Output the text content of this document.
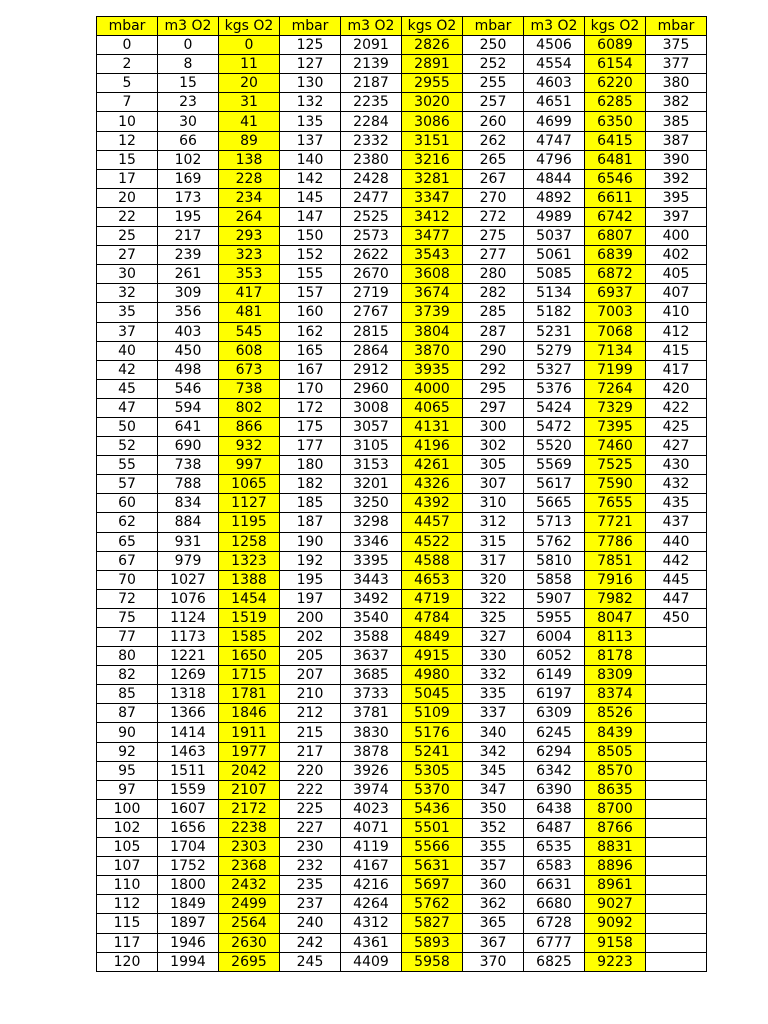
mbar	m3 O2	kgs O2	mbar	m3 O2	kgs O2	mbar	m3 O2	kgs O2	mbar
0	0	0	125	2091	2826	250	4506	6089	375
2	8	11	127	2139	2891	252	4554	6154	377
5	15	20	130	2187	2955	255	4603	6220	380
7	23	31	132	2235	3020	257	4651	6285	382
10	30	41	135	2284	3086	260	4699	6350	385
12	66	89	137	2332	3151	262	4747	6415	387
15	102	138	140	2380	3216	265	4796	6481	390
17	169	228	142	2428	3281	267	4844	6546	392
20	173	234	145	2477	3347	270	4892	6611	395
22	195	264	147	2525	3412	272	4989	6742	397
25	217	293	150	2573	3477	275	5037	6807	400
27	239	323	152	2622	3543	277	5061	6839	402
30	261	353	155	2670	3608	280	5085	6872	405
32	309	417	157	2719	3674	282	5134	6937	407
35	356	481	160	2767	3739	285	5182	7003	410
37	403	545	162	2815	3804	287	5231	7068	412
40	450	608	165	2864	3870	290	5279	7134	415
42	498	673	167	2912	3935	292	5327	7199	417
45	546	738	170	2960	4000	295	5376	7264	420
47	594	802	172	3008	4065	297	5424	7329	422
50	641	866	175	3057	4131	300	5472	7395	425
52	690	932	177	3105	4196	302	5520	7460	427
55	738	997	180	3153	4261	305	5569	7525	430
57	788	1065	182	3201	4326	307	5617	7590	432
60	834	1127	185	3250	4392	310	5665	7655	435
62	884	1195	187	3298	4457	312	5713	7721	437
65	931	1258	190	3346	4522	315	5762	7786	440
67	979	1323	192	3395	4588	317	5810	7851	442
70	1027	1388	195	3443	4653	320	5858	7916	445
72	1076	1454	197	3492	4719	322	5907	7982	447
75	1124	1519	200	3540	4784	325	5955	8047	450
77	1173	1585	202	3588	4849	327	6004	8113	
80	1221	1650	205	3637	4915	330	6052	8178	
82	1269	1715	207	3685	4980	332	6149	8309	
85	1318	1781	210	3733	5045	335	6197	8374	
87	1366	1846	212	3781	5109	337	6309	8526	
90	1414	1911	215	3830	5176	340	6245	8439	
92	1463	1977	217	3878	5241	342	6294	8505	
95	1511	2042	220	3926	5305	345	6342	8570	
97	1559	2107	222	3974	5370	347	6390	8635	
100	1607	2172	225	4023	5436	350	6438	8700	
102	1656	2238	227	4071	5501	352	6487	8766	
105	1704	2303	230	4119	5566	355	6535	8831	
107	1752	2368	232	4167	5631	357	6583	8896	
110	1800	2432	235	4216	5697	360	6631	8961	
112	1849	2499	237	4264	5762	362	6680	9027	
115	1897	2564	240	4312	5827	365	6728	9092	
117	1946	2630	242	4361	5893	367	6777	9158	
120	1994	2695	245	4409	5958	370	6825	9223	
